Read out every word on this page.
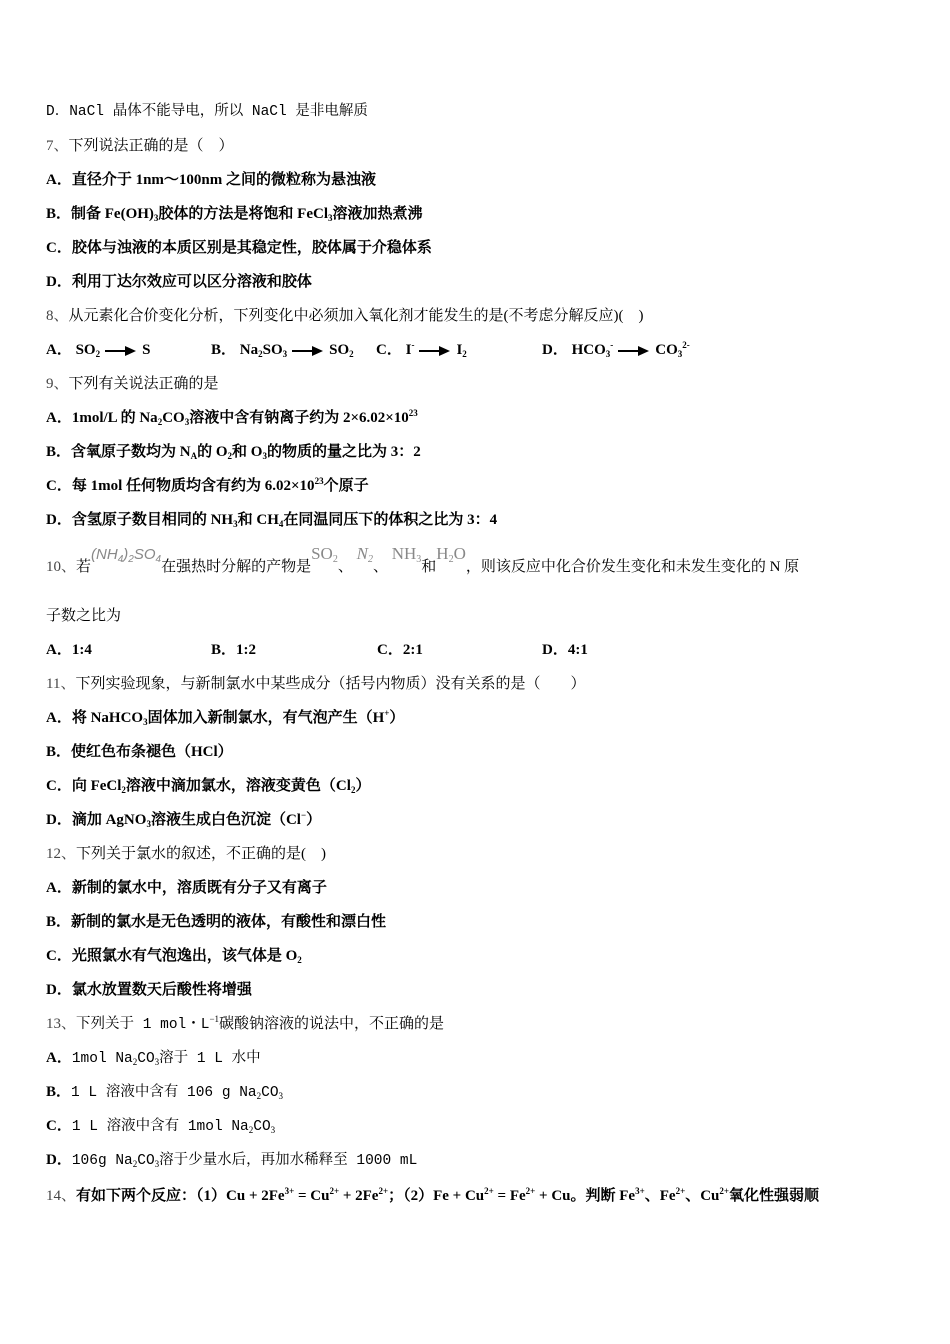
D．NaCl 晶体不能导电，所以 NaCl 是非电解质
7、下列说法正确的是（　）
A．直径介于 1nm～100nm 之间的微粒称为悬浊液
B．制备 $Fe(OH)_3$胶体的方法是将饱和 FeCl$_3$溶液加热煮沸
C．胶体与浊液的本质区别是其稳定性，胶体属于介稳体系
D．利用丁达尔效应可以区分溶液和胶体
8、从元素化合价变化分析，下列变化中必须加入氧化剂才能发生的是(不考虑分解反应)(　)
A． $SO_2$	S	B． $Na_2SO_3$	$SO_2$ C． I-	$I_2$	D． $HCO_3^-$	$CO_3^{2-}$
9、下列有关说法正确的是
A．1mol/L 的 $Na_2CO_3$溶液中含有钠离子约为 $2\times 6.02\times 10^{23}$
B．含氧原子数均为 $N_A$的 $O_2$和 $O_3$的物质的量之比为 3：2
C．每 1mol 任何物质均含有约为 $6.02\times 10^{23}$个原子
D．含氢原子数目相同的 $NH_3$和 $CH_4$在同温同压下的体积之比为 3：4
10、若$(NH_4)_2SO_4$在强热时分解的产物是$SO_2$、 $N_2$、 $NH_3$和$H_2O$，则该反应中化合价发生变化和未发生变化的 N 原
子数之比为
A．1:4	B．1:2	C．2:1	D．4:1
11、下列实验现象，与新制氯水中某些成分（括号内物质）没有关系的是（　　）
A．将 NaHCO$_3$固体加入新制氯水，有气泡产生（H+）
B．使红色布条褪色（HCl）
C．向 FeCl$_2$溶液中滴加氯水，溶液变黄色$(Cl_2)$
D．滴加 AgNO$_3$溶液生成白色沉淀（Cl−）
12、下列关于氯水的叙述，不正确的是(　)
A．新制的氯水中，溶质既有分子又有离子
B．新制的氯水是无色透明的液体，有酸性和漂白性
C．光照氯水有气泡逸出，该气体是 $O_2$
D．氯水放置数天后酸性将增强
13、下列关于 1 mol・$L^{-1}$碳酸钠溶液的说法中，不正确的是
A．1mol $Na_2CO_3$溶于 1 L 水中
B．1 L 溶液中含有 106 g $Na_2CO_3$
C．1 L 溶液中含有 1mol $Na_2CO_3$
D．106g $Na_2CO_3$溶于少量水后，再加水稀释至 1000 mL
14、有如下两个反应：$(1)Cu + 2Fe^{3+} = Cu^{2+} + 2Fe^{2+}$；$(2)Fe + Cu^{2+} = Fe^{2+} + Cu$。判断 $Fe^{3+}$、$Fe^{2+}$、$Cu^{2+}$氧化性强弱顺
